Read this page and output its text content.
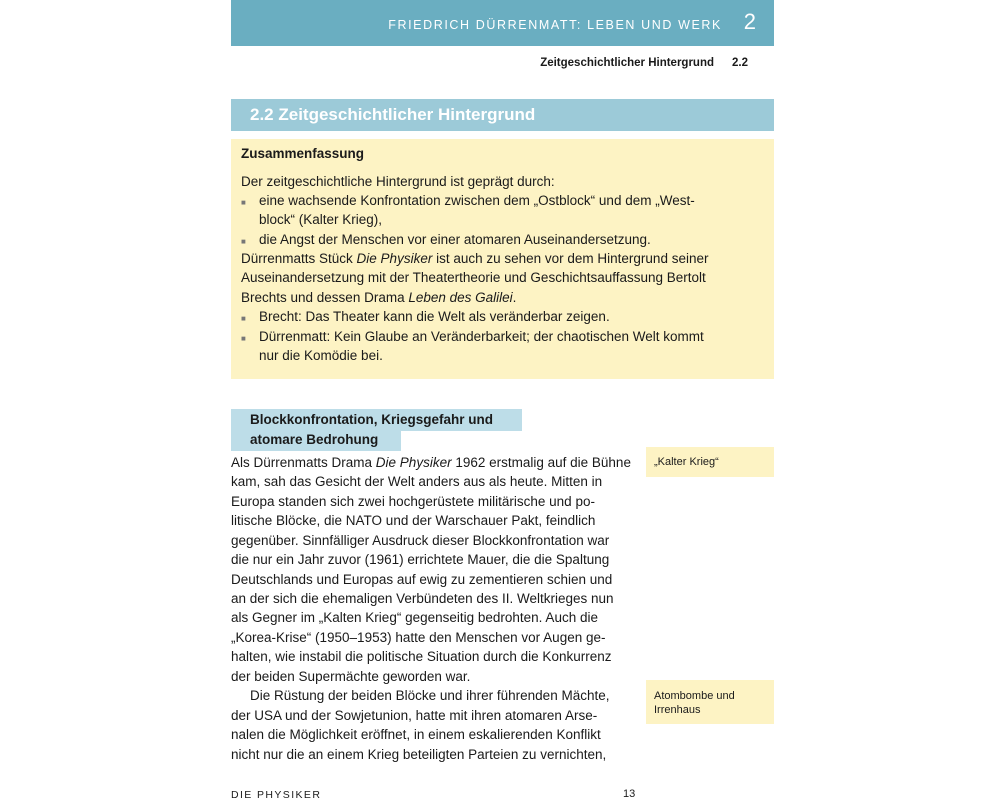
FRIEDRICH DÜRRENMATT: LEBEN UND WERK 2
Zeitgeschichtlicher Hintergrund 2.2
2.2 Zeitgeschichtlicher Hintergrund
Zusammenfassung
Der zeitgeschichtliche Hintergrund ist geprägt durch:
■ eine wachsende Konfrontation zwischen dem „Ostblock“ und dem „West-
block“ (Kalter Krieg),
■ die Angst der Menschen vor einer atomaren Auseinandersetzung.
Dürrenmatts Stück Die Physiker ist auch zu sehen vor dem Hintergrund seiner
Auseinandersetzung mit der Theatertheorie und Geschichtsauffassung Bertolt
Brechts und dessen Drama Leben des Galilei.
■ Brecht: Das Theater kann die Welt als veränderbar zeigen.
■ Dürrenmatt: Kein Glaube an Veränderbarkeit; der chaotischen Welt kommt
nur die Komödie bei.
Blockkonfrontation, Kriegsgefahr und
atomare Bedrohung
Als Dürrenmatts Drama Die Physiker 1962 erstmalig auf die Bühne
kam, sah das Gesicht der Welt anders aus als heute. Mitten in
Europa standen sich zwei hochgerüstete militärische und po-
litische Blöcke, die NATO und der Warschauer Pakt, feindlich
gegenüber. Sinnfälliger Ausdruck dieser Blockkonfrontation war
die nur ein Jahr zuvor (1961) errichtete Mauer, die die Spaltung
Deutschlands und Europas auf ewig zu zementieren schien und
an der sich die ehemaligen Verbündeten des II. Weltkrieges nun
als Gegner im „Kalten Krieg“ gegenseitig bedrohten. Auch die
„Korea-Krise“ (1950–1953) hatte den Menschen vor Augen ge-
halten, wie instabil die politische Situation durch die Konkurrenz
der beiden Supermächte geworden war.
Die Rüstung der beiden Blöcke und ihrer führenden Mächte,
der USA und der Sowjetunion, hatte mit ihren atomaren Arse-
nalen die Möglichkeit eröffnet, in einem eskalierenden Konflikt
nicht nur die an einem Krieg beteiligten Parteien zu vernichten,
„Kalter Krieg“
Atombombe und
Irrenhaus
DIE PHYSIKER	13
